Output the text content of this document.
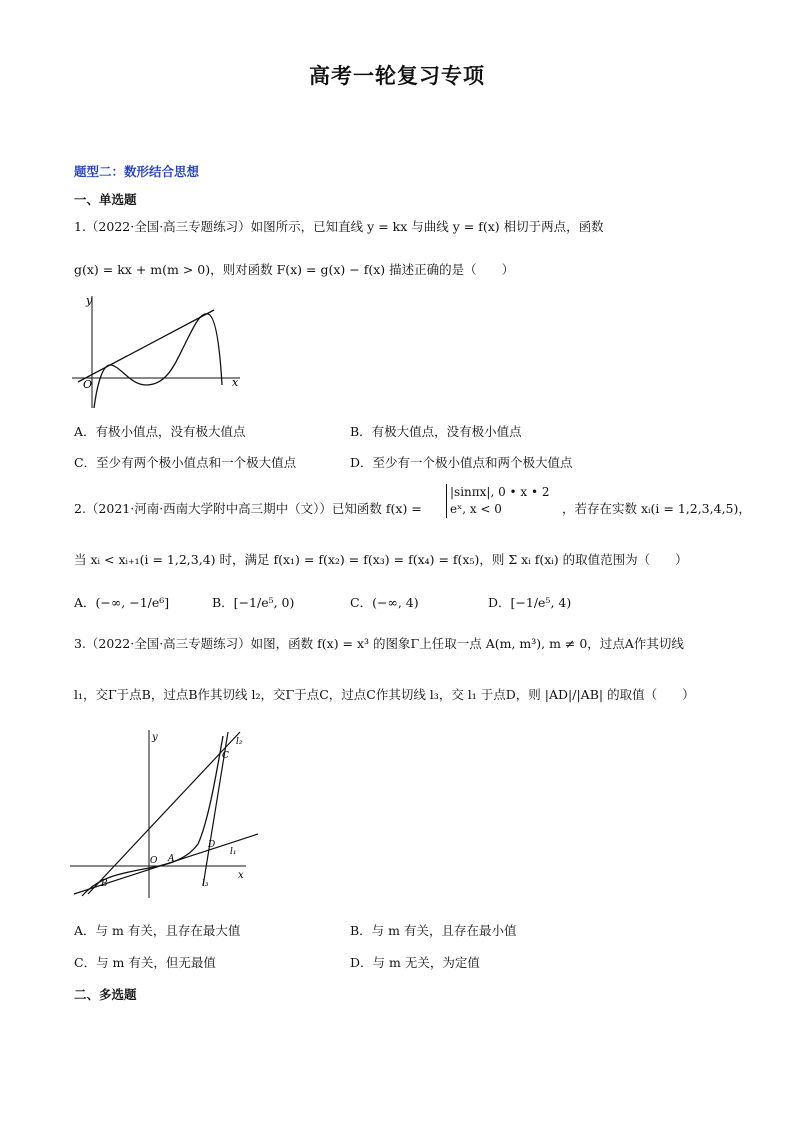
高考一轮复习专项
题型二：数形结合思想
一、单选题
1.（2022·全国·高三专题练习）如图所示，已知直线 y = kx 与曲线 y = f(x) 相切于两点，函数
g(x) = kx + m(m > 0)，则对函数 F(x) = g(x) − f(x) 描述正确的是（　　）
y
x
O
A．有极小值点，没有极大值点	B．有极大值点，没有极小值点
C．至少有两个极小值点和一个极大值点	D．至少有一个极小值点和两个极大值点
2.（2021·河南·西南大学附中高三期中（文））已知函数 f(x) =
|sinπx|, 0 • x • 2
eˣ, x < 0	，若存在实数 xᵢ(i = 1,2,3,4,5)，
当 xᵢ < xᵢ₊₁(i = 1,2,3,4) 时，满足 f(x₁) = f(x₂) = f(x₃) = f(x₄) = f(x₅)，则 Σ xᵢ f(xᵢ) 的取值范围为（　　）
A．(−∞, −1/e⁶]	B．[−1/e⁵, 0)	C．(−∞, 4)	D．[−1/e⁵, 4)
3.（2022·全国·高三专题练习）如图，函数 f(x) = x³ 的图象Γ上任取一点 A(m, m³), m ≠ 0，过点A作其切线
l₁，交Γ于点B，过点B作其切线 l₂，交Γ于点C，过点C作其切线 l₃，交 l₁ 于点D，则 |AD|/|AB| 的取值（　　）
y
x
O A
B
C
D
l₁
l₂
l₃
A．与 m 有关，且存在最大值	B．与 m 有关，且存在最小值
C．与 m 有关，但无最值	D．与 m 无关，为定值
二、多选题
